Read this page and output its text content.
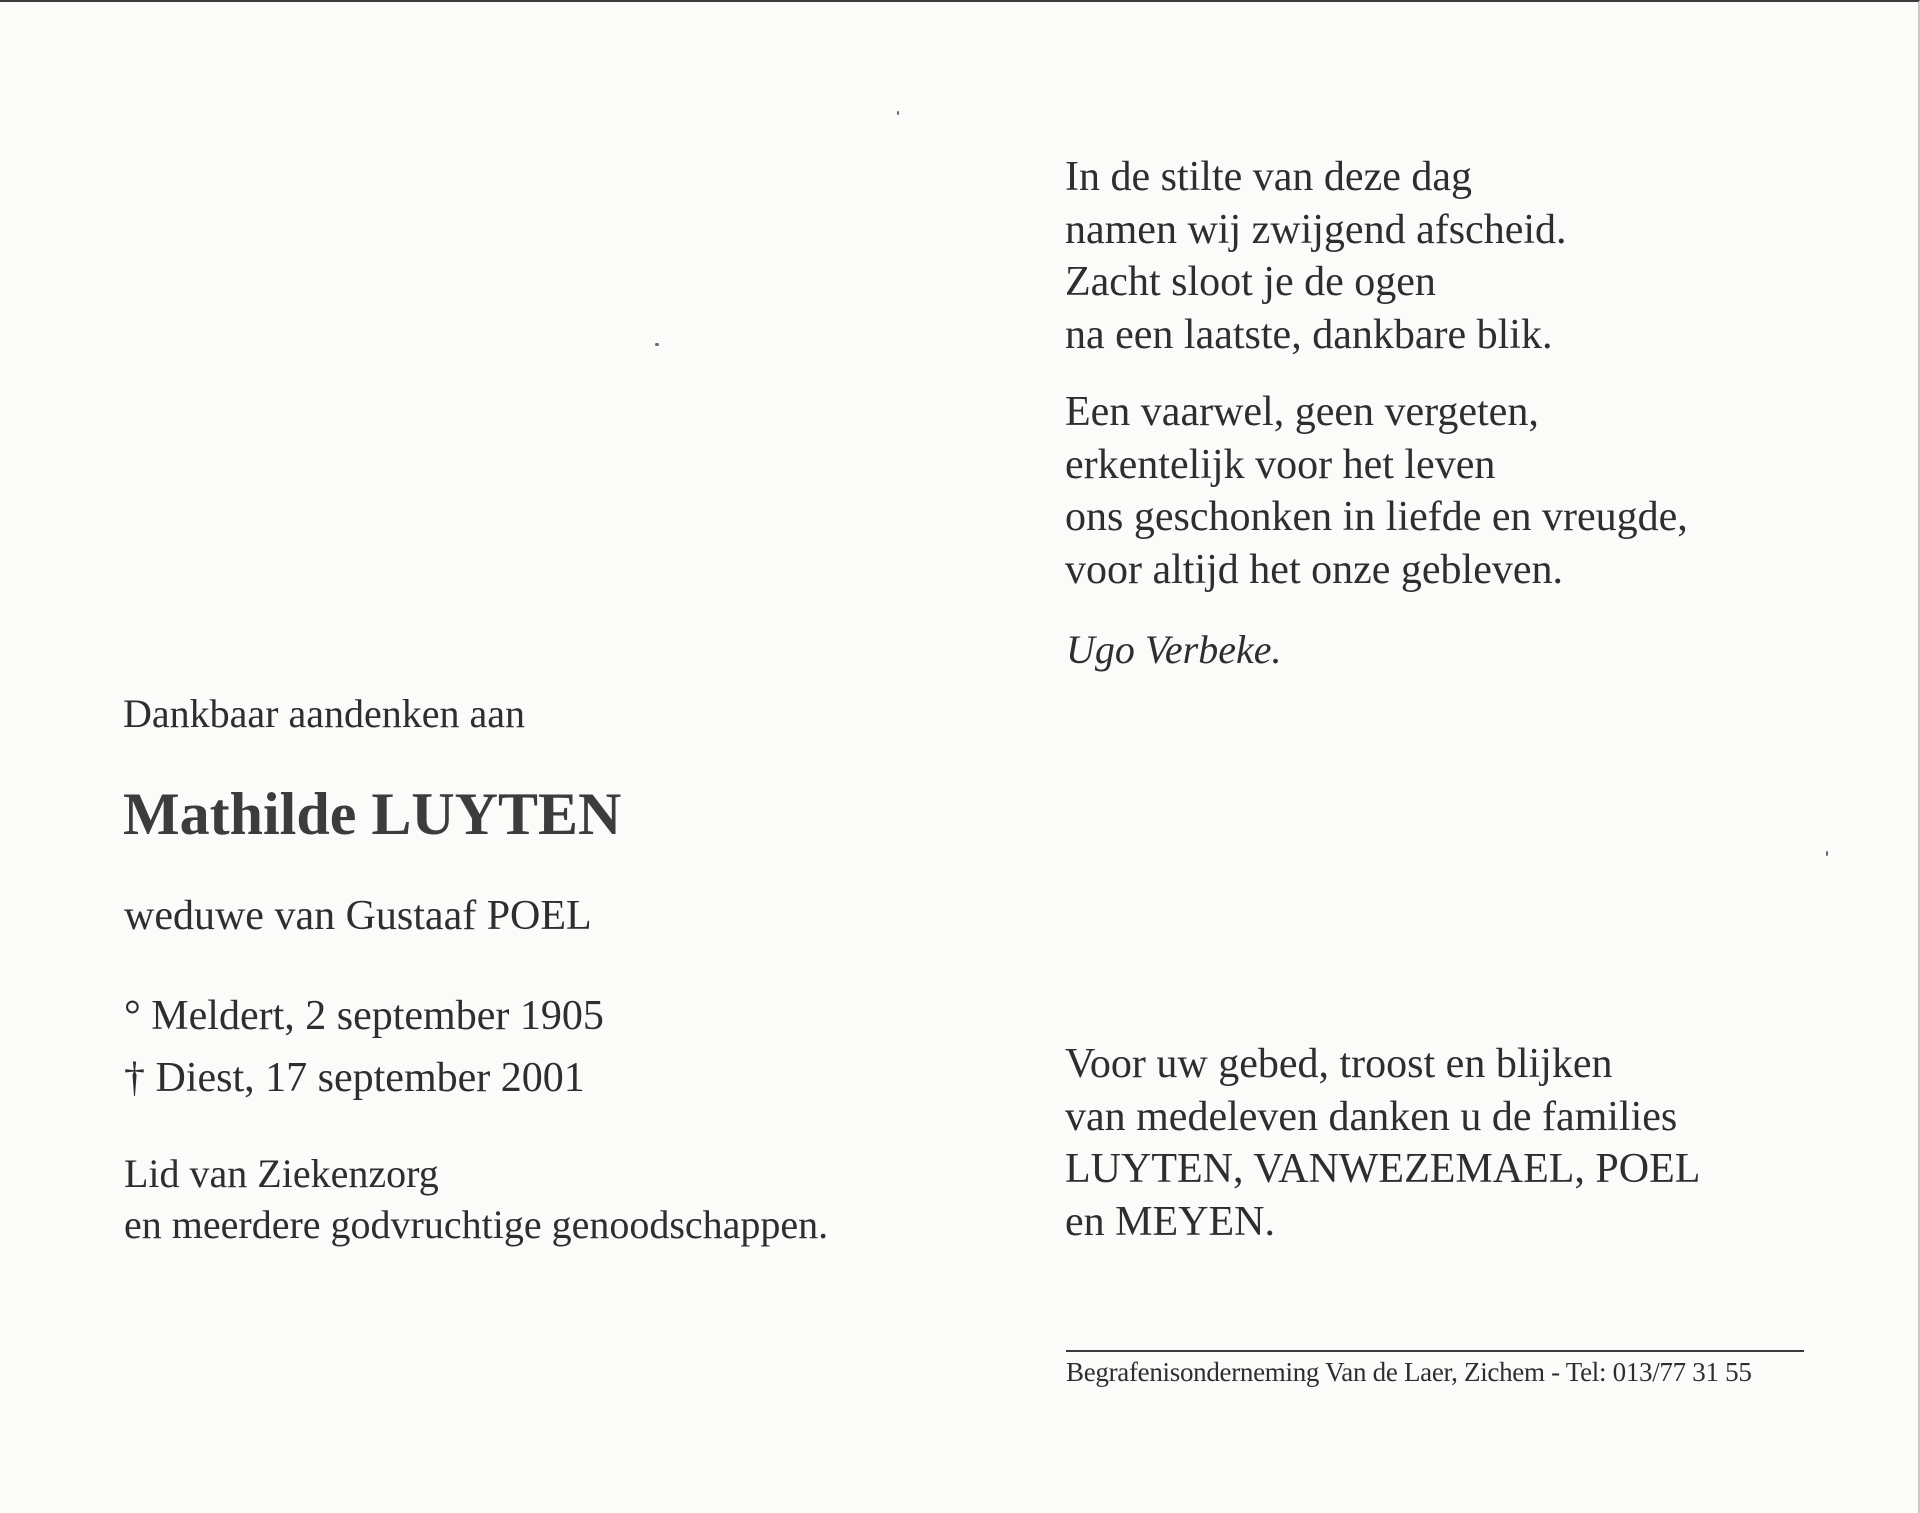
Dankbaar aandenken aan
Mathilde LUYTEN
weduwe van Gustaaf POEL
° Meldert, 2 september 1905
† Diest, 17 september 2001
Lid van Ziekenzorg
en meerdere godvruchtige genoodschappen.
In de stilte van deze dag
namen wij zwijgend afscheid.
Zacht sloot je de ogen
na een laatste, dankbare blik.
Een vaarwel, geen vergeten,
erkentelijk voor het leven
ons geschonken in liefde en vreugde,
voor altijd het onze gebleven.
Ugo Verbeke.
Voor uw gebed, troost en blijken
van medeleven danken u de families
LUYTEN, VANWEZEMAEL, POEL
en MEYEN.
Begrafenisonderneming Van de Laer, Zichem - Tel: 013/77 31 55
